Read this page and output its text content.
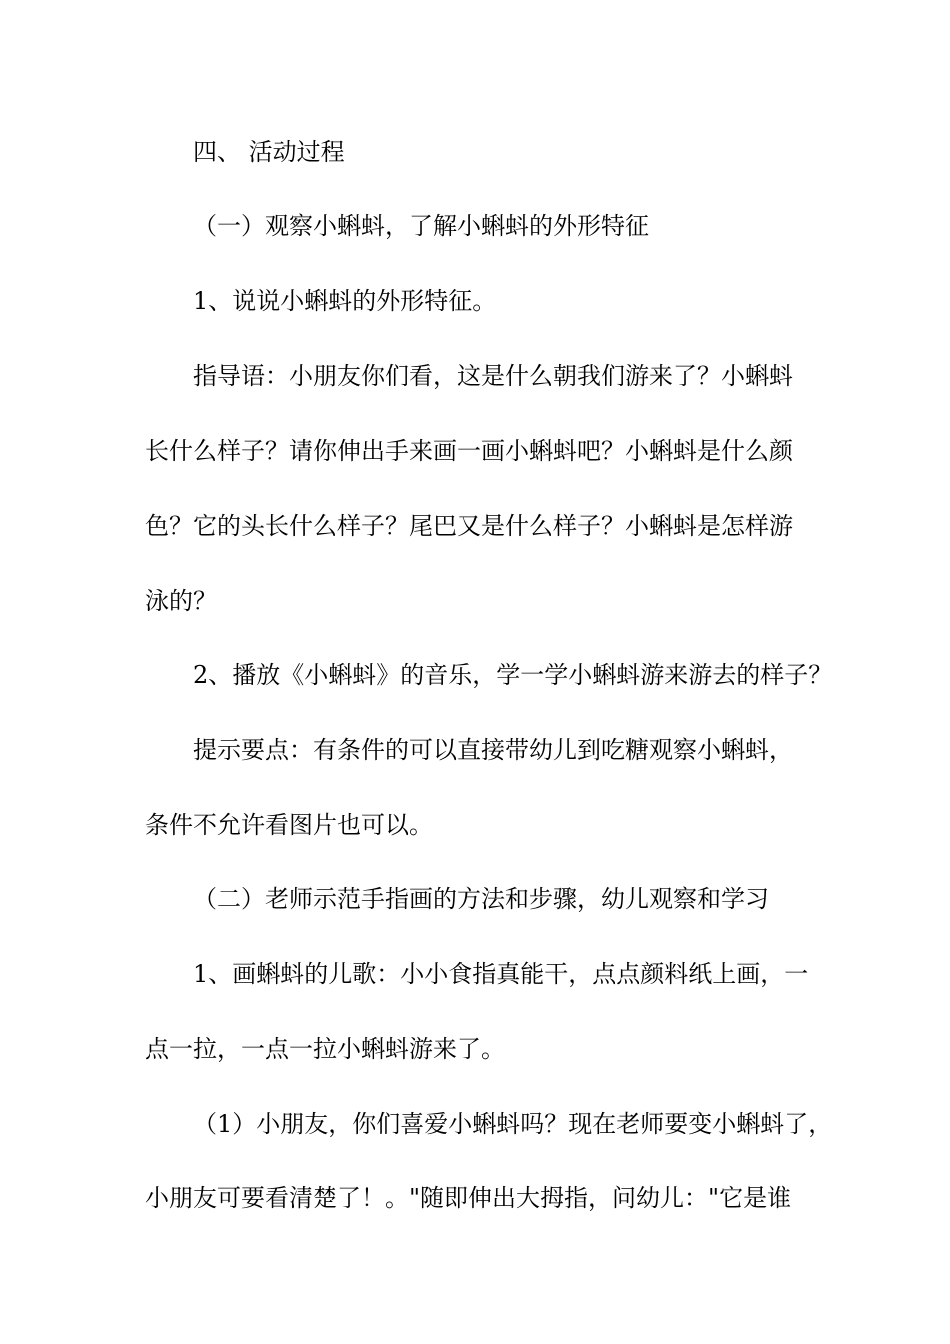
四、 活动过程

（一）观察小蝌蚪，了解小蝌蚪的外形特征

1、说说小蝌蚪的外形特征。

指导语：小朋友你们看，这是什么朝我们游来了？小蝌蚪

长什么样子？请你伸出手来画一画小蝌蚪吧？小蝌蚪是什么颜

色？它的头长什么样子？尾巴又是什么样子？小蝌蚪是怎样游

泳的？

2、播放《小蝌蚪》的音乐，学一学小蝌蚪游来游去的样子？

提示要点：有条件的可以直接带幼儿到吃糖观察小蝌蚪，

条件不允许看图片也可以。

（二）老师示范手指画的方法和步骤，幼儿观察和学习

1、画蝌蚪的儿歌：小小食指真能干，点点颜料纸上画，一

点一拉，一点一拉小蝌蚪游来了。

（1）小朋友，你们喜爱小蝌蚪吗？现在老师要变小蝌蚪了，

小朋友可要看清楚了！。"随即伸出大拇指，问幼儿："它是谁
